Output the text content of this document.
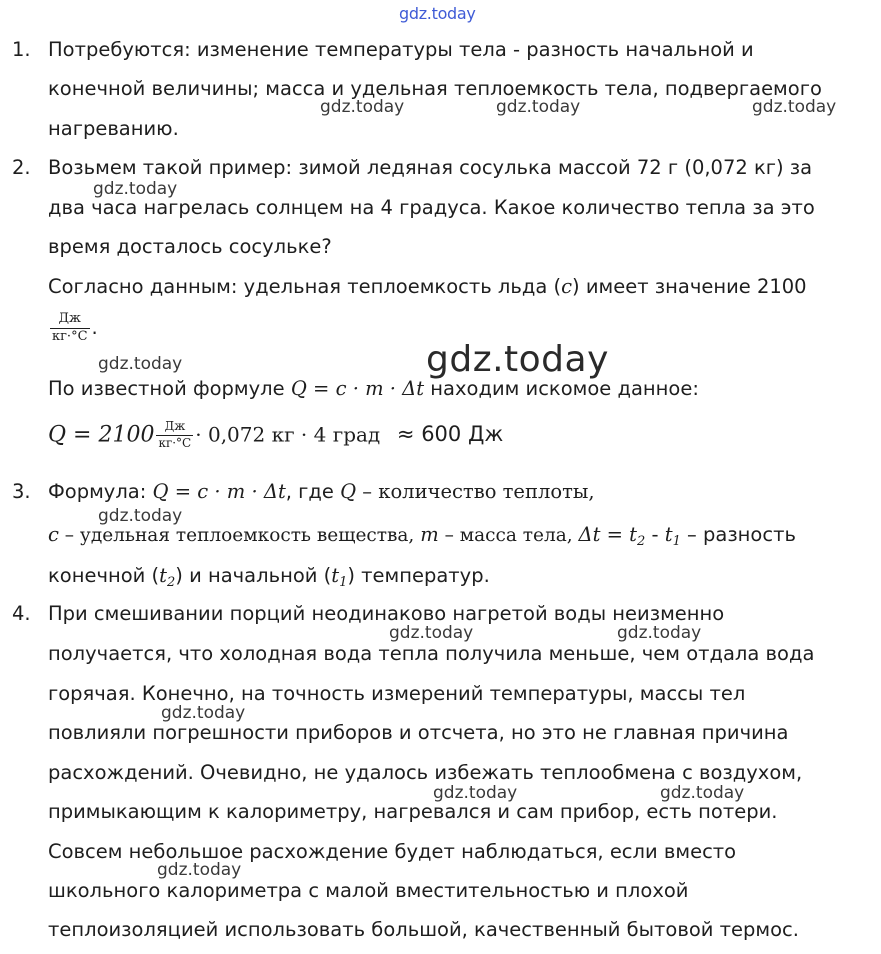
gdz.today
1. Потребуются: изменение температуры тела - разность начальной и
конечной величины; масса и удельная теплоемкость тела, подвергаемого
gdz.today	gdz.today	gdz.today
нагреванию.
2. Возьмем такой пример: зимой ледяная сосулька массой 72 г (0,072 кг) за
gdz.today
два часа нагрелась солнцем на 4 градуса. Какое количество тепла за это
время досталось сосульке?
Согласно данным: удельная теплоемкость льда (c) имеет значение 2100
$\frac{Дж}{кг\cdot^\circ С}$ .
gdz.today	gdz.today
По известной формуле Q = c · m · Δt находим искомое данное:
$Q = 2100 \frac{Дж}{кг\cdot^\circ С} \cdot 0,072$ кг · 4 град ≈ 600 Дж
3. Формула: Q = c · m · Δt, где Q – количество теплоты,
gdz.today
c – удельная теплоемкость вещества, m – масса тела, $\Delta t = t_2 - t_1$ – разность
конечной $(t_2)$ и начальной $(t_1)$ температур.
4. При смешивании порций неодинаково нагретой воды неизменно
gdz.today	gdz.today
получается, что холодная вода тепла получила меньше, чем отдала вода
горячая. Конечно, на точность измерений температуры, массы тел
gdz.today
повлияли погрешности приборов и отсчета, но это не главная причина
расхождений. Очевидно, не удалось избежать теплообмена с воздухом,
gdz.today	gdz.today
примыкающим к калориметру, нагревался и сам прибор, есть потери.
Совсем небольшое расхождение будет наблюдаться, если вместо
gdz.today
школьного калориметра с малой вместительностью и плохой
теплоизоляцией использовать большой, качественный бытовой термос.
